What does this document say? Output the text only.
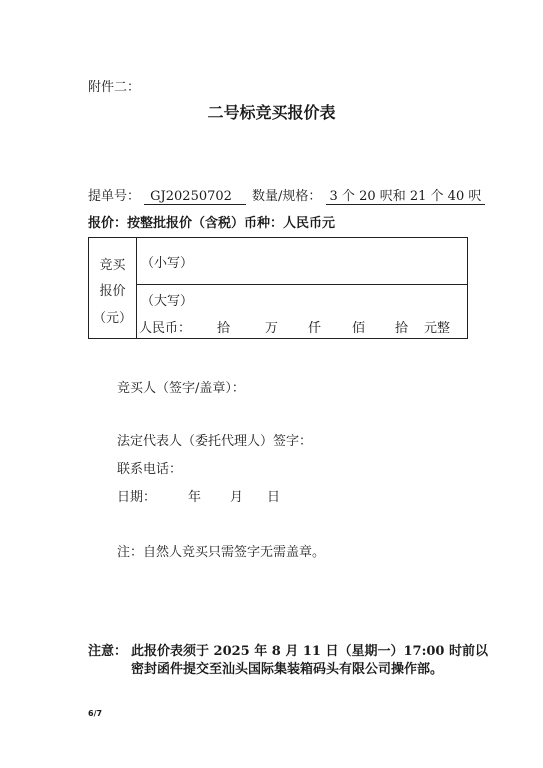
附件二：
二号标竞买报价表
提单号： GJ20250702	数量/规格： 3 个 20 呎和 21 个 40 呎
报价：按整批报价（含税）币种：人民币元
竞买
报价
（元）
（小写）
（大写）
人民币： 拾	万 仟 佰 拾 元整
竞买人（签字/盖章）：
法定代表人（委托代理人）签字：
联系电话：
日期： 年 月 日
注：自然人竞买只需签字无需盖章。
注意： 此报价表须于 2025 年 8 月 11 日（星期一）17:00 时前以
密封函件提交至汕头国际集装箱码头有限公司操作部。
6/7
